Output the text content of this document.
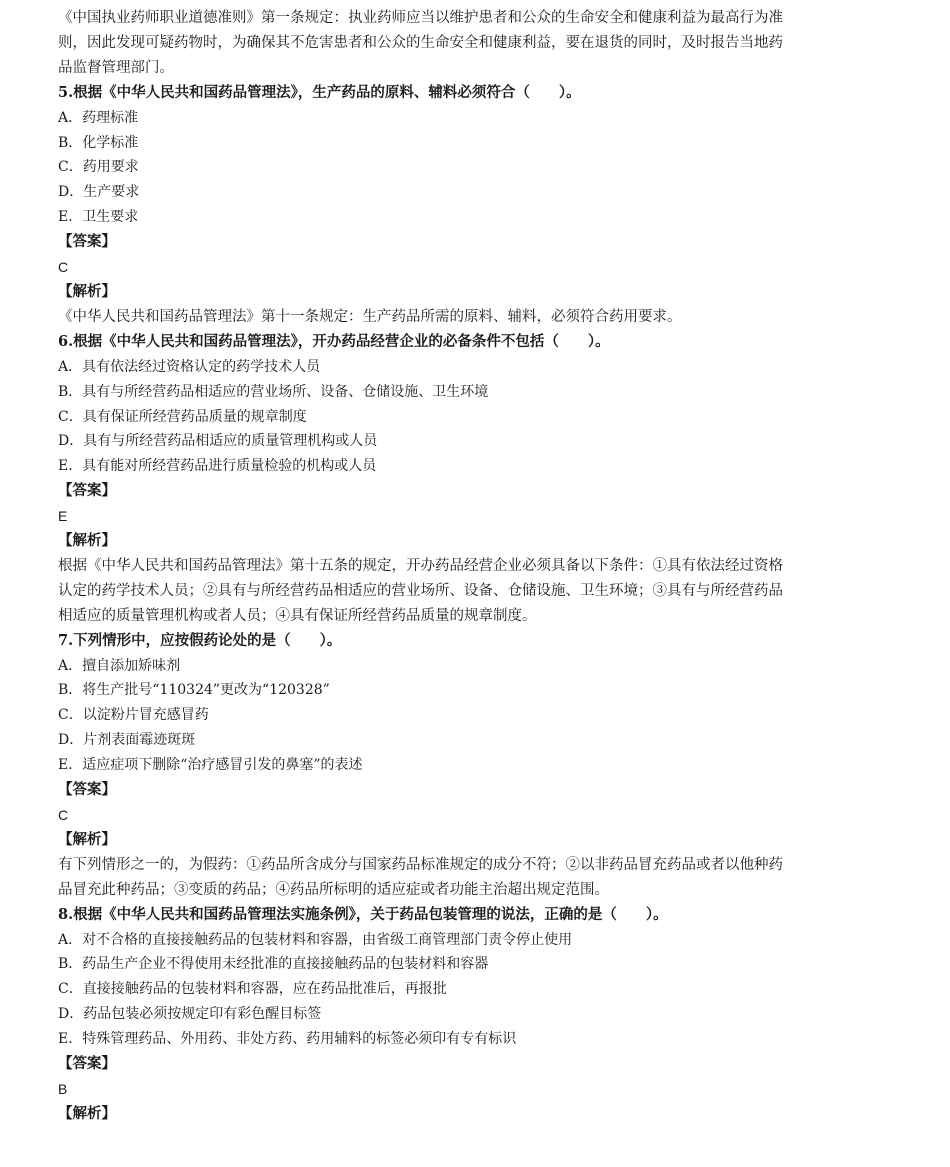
《中国执业药师职业道德准则》第一条规定：执业药师应当以维护患者和公众的生命安全和健康利益为最高行为准
则，因此发现可疑药物时，为确保其不危害患者和公众的生命安全和健康利益，要在退货的同时，及时报告当地药
品监督管理部门。
5.根据《中华人民共和国药品管理法》，生产药品的原料、辅料必须符合（　　）。
A．药理标准
B．化学标准
C．药用要求
D．生产要求
E．卫生要求
【答案】
C
【解析】
《中华人民共和国药品管理法》第十一条规定：生产药品所需的原料、辅料，必须符合药用要求。
6.根据《中华人民共和国药品管理法》，开办药品经营企业的必备条件不包括（　　）。
A．具有依法经过资格认定的药学技术人员
B．具有与所经营药品相适应的营业场所、设备、仓储设施、卫生环境
C．具有保证所经营药品质量的规章制度
D．具有与所经营药品相适应的质量管理机构或人员
E．具有能对所经营药品进行质量检验的机构或人员
【答案】
E
【解析】
根据《中华人民共和国药品管理法》第十五条的规定，开办药品经营企业必须具备以下条件：①具有依法经过资格
认定的药学技术人员；②具有与所经营药品相适应的营业场所、设备、仓储设施、卫生环境；③具有与所经营药品
相适应的质量管理机构或者人员；④具有保证所经营药品质量的规章制度。
7.下列情形中，应按假药论处的是（　　）。
A．擅自添加矫味剂
B．将生产批号“110324”更改为“120328”
C．以淀粉片冒充感冒药
D．片剂表面霉迹斑斑
E．适应症项下删除“治疗感冒引发的鼻塞”的表述
【答案】
C
【解析】
有下列情形之一的，为假药：①药品所含成分与国家药品标准规定的成分不符；②以非药品冒充药品或者以他种药
品冒充此种药品；③变质的药品；④药品所标明的适应症或者功能主治超出规定范围。
8.根据《中华人民共和国药品管理法实施条例》，关于药品包装管理的说法，正确的是（　　）。
A．对不合格的直接接触药品的包装材料和容器，由省级工商管理部门责令停止使用
B．药品生产企业不得使用未经批准的直接接触药品的包装材料和容器
C．直接接触药品的包装材料和容器，应在药品批准后，再报批
D．药品包装必须按规定印有彩色醒目标签
E．特殊管理药品、外用药、非处方药、药用辅料的标签必须印有专有标识
【答案】
B
【解析】
